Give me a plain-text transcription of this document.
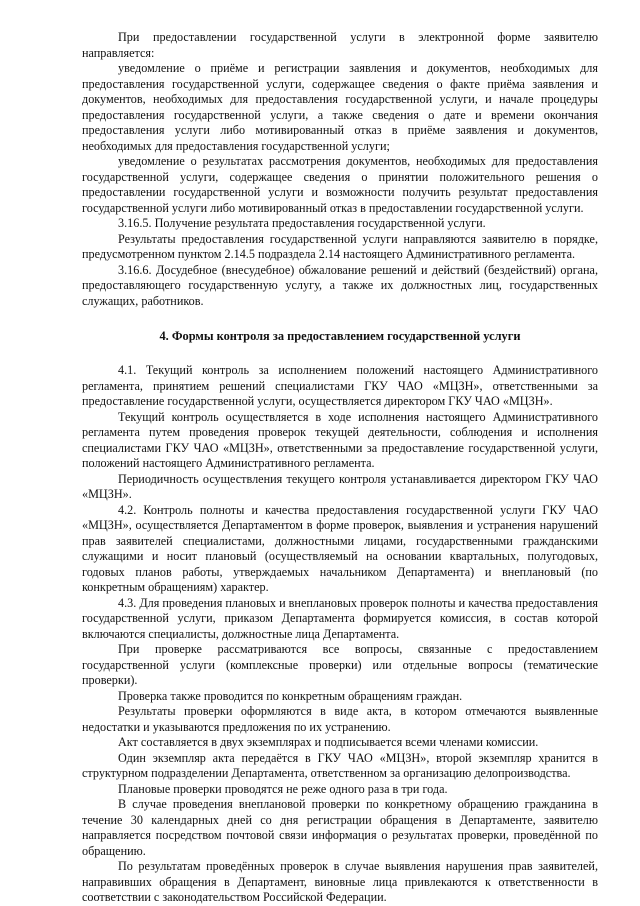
При предоставлении государственной услуги в электронной форме заявителю направляется:

уведомление о приёме и регистрации заявления и документов, необходимых для предоставления государственной услуги, содержащее сведения о факте приёма заявления и документов, необходимых для предоставления государственной услуги, и начале процедуры предоставления государственной услуги, а также сведения о дате и времени окончания предоставления услуги либо мотивированный отказ в приёме заявления и документов, необходимых для предоставления государственной услуги;

уведомление о результатах рассмотрения документов, необходимых для предоставления государственной услуги, содержащее сведения о принятии положительного решения о предоставлении государственной услуги и возможности получить результат предоставления государственной услуги либо мотивированный отказ в предоставлении государственной услуги.

3.16.5. Получение результата предоставления государственной услуги.

Результаты предоставления государственной услуги направляются заявителю в порядке, предусмотренном пунктом 2.14.5 подраздела 2.14 настоящего Административного регламента.

3.16.6. Досудебное (внесудебное) обжалование решений и действий (бездействий) органа, предоставляющего государственную услугу, а также их должностных лиц, государственных служащих, работников.

4. Формы контроля за предоставлением государственной услуги

4.1. Текущий контроль за исполнением положений настоящего Административного регламента, принятием решений специалистами ГКУ ЧАО «МЦЗН», ответственными за предоставление государственной услуги, осуществляется директором ГКУ ЧАО «МЦЗН».

Текущий контроль осуществляется в ходе исполнения настоящего Административного регламента путем проведения проверок текущей деятельности, соблюдения и исполнения специалистами ГКУ ЧАО «МЦЗН», ответственными за предоставление государственной услуги, положений настоящего Административного регламента.

Периодичность осуществления текущего контроля устанавливается директором ГКУ ЧАО «МЦЗН».

4.2. Контроль полноты и качества предоставления государственной услуги ГКУ ЧАО «МЦЗН», осуществляется Департаментом в форме проверок, выявления и устранения нарушений прав заявителей специалистами, должностными лицами, государственными гражданскими служащими и носит плановый (осуществляемый на основании квартальных, полугодовых, годовых планов работы, утверждаемых начальником Департамента) и внеплановый (по конкретным обращениям) характер.

4.3. Для проведения плановых и внеплановых проверок полноты и качества предоставления государственной услуги, приказом Департамента формируется комиссия, в состав которой включаются специалисты, должностные лица Департамента.

При проверке рассматриваются все вопросы, связанные с предоставлением государственной услуги (комплексные проверки) или отдельные вопросы (тематические проверки).

Проверка также проводится по конкретным обращениям граждан.

Результаты проверки оформляются в виде акта, в котором отмечаются выявленные недостатки и указываются предложения по их устранению.

Акт составляется в двух экземплярах и подписывается всеми членами комиссии.

Один экземпляр акта передаётся в ГКУ ЧАО «МЦЗН», второй экземпляр хранится в структурном подразделении Департамента, ответственном за организацию делопроизводства.

Плановые проверки проводятся не реже одного раза в три года.

В случае проведения внеплановой проверки по конкретному обращению гражданина в течение 30 календарных дней со дня регистрации обращения в Департаменте, заявителю направляется посредством почтовой связи информация о результатах проверки, проведённой по обращению.

По результатам проведённых проверок в случае выявления нарушения прав заявителей, направивших обращения в Департамент, виновные лица привлекаются к ответственности в соответствии с законодательством Российской Федерации.
